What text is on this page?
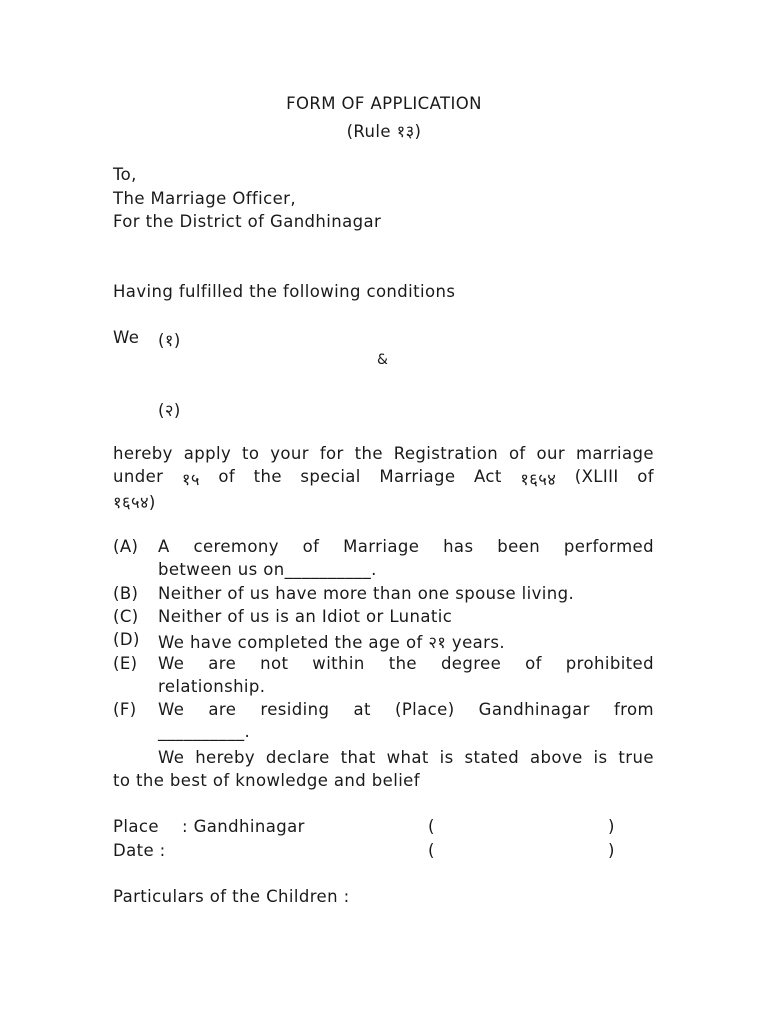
FORM OF APPLICATION
(Rule १३)
To,
The Marriage Officer,
For the District of Gandhinagar
Having fulfilled the following conditions
We (१)
&
(२)
hereby apply to your for the Registration of our marriage
under १५ of the special Marriage Act १६५४ (XLIII of
१६५४)
(A) A ceremony of Marriage has been performed
between us on__________.
(B) Neither of us have more than one spouse living.
(C) Neither of us is an Idiot or Lunatic
(D) We have completed the age of २१ years.
(E) We are not within the degree of prohibited
relationship.
(F) We are residing at (Place) Gandhinagar from
__________.
We hereby declare that what is stated above is true
to the best of knowledge and belief
Place : Gandhinagar	(	)
Date :	(	)
Particulars of the Children :
